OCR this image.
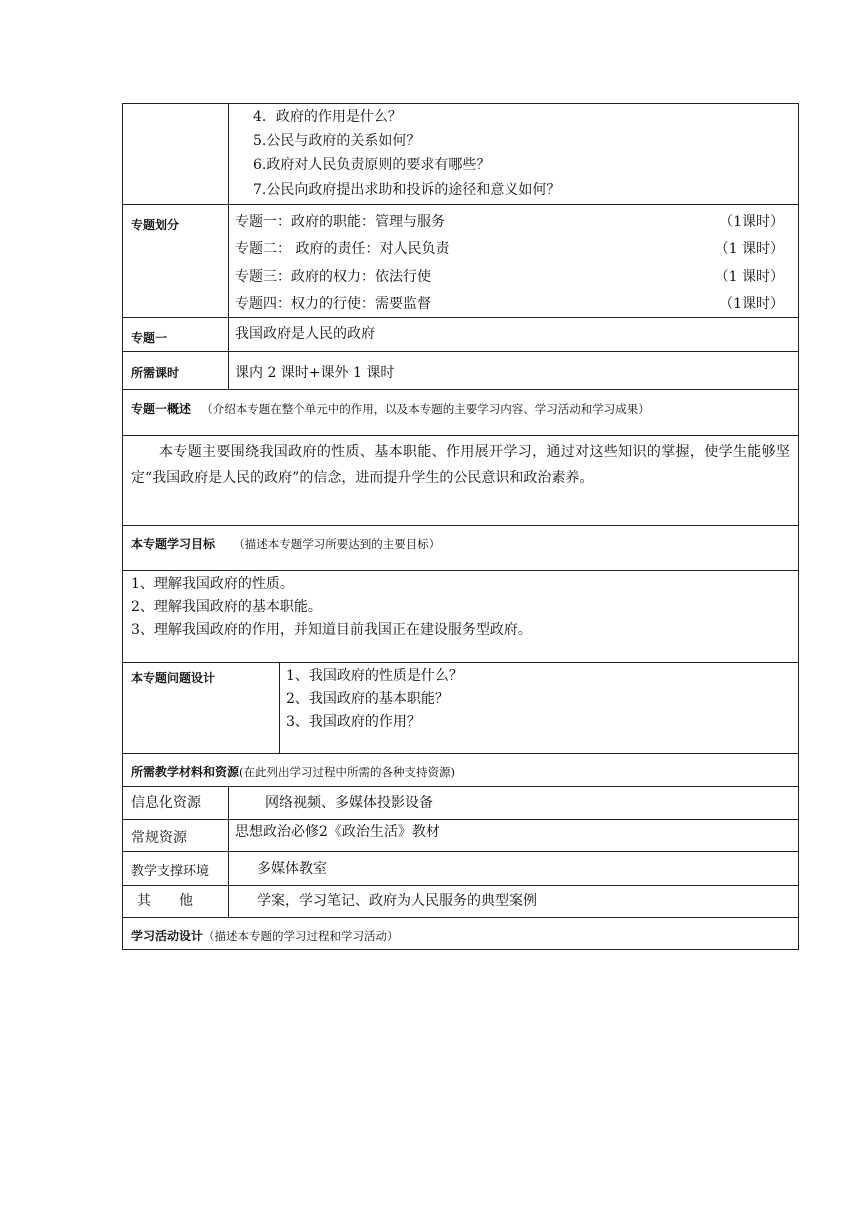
4．政府的作用是什么？
5.公民与政府的关系如何？
6.政府对人民负责原则的要求有哪些？
7.公民向政府提出求助和投诉的途径和意义如何？
专题划分	专题一：政府的职能：管理与服务	（1课时）
专题二： 政府的责任：对人民负责	（1 课时）
专题三：政府的权力：依法行使	（1 课时）
专题四：权力的行使：需要监督	（1课时）
专题一	我国政府是人民的政府
所需课时	课内 2 课时+课外 1 课时
专题一概述 （介绍本专题在整个单元中的作用，以及本专题的主要学习内容、学习活动和学习成果）
本专题主要围绕我国政府的性质、基本职能、作用展开学习，通过对这些知识的掌握，使学生能够坚定“我国政府是人民的政府”的信念，进而提升学生的公民意识和政治素养。
本专题学习目标 （描述本专题学习所要达到的主要目标）
1、理解我国政府的性质。
2、理解我国政府的基本职能。
3、理解我国政府的作用，并知道目前我国正在建设服务型政府。
本专题问题设计	1、我国政府的性质是什么？
2、我国政府的基本职能？
3、我国政府的作用？
所需教学材料和资源(在此列出学习过程中所需的各种支持资源)
信息化资源	网络视频、多媒体投影设备
常规资源	思想政治必修2《政治生活》教材
教学支撑环境	多媒体教室
其　　他	学案，学习笔记、政府为人民服务的典型案例
学习活动设计（描述本专题的学习过程和学习活动）
